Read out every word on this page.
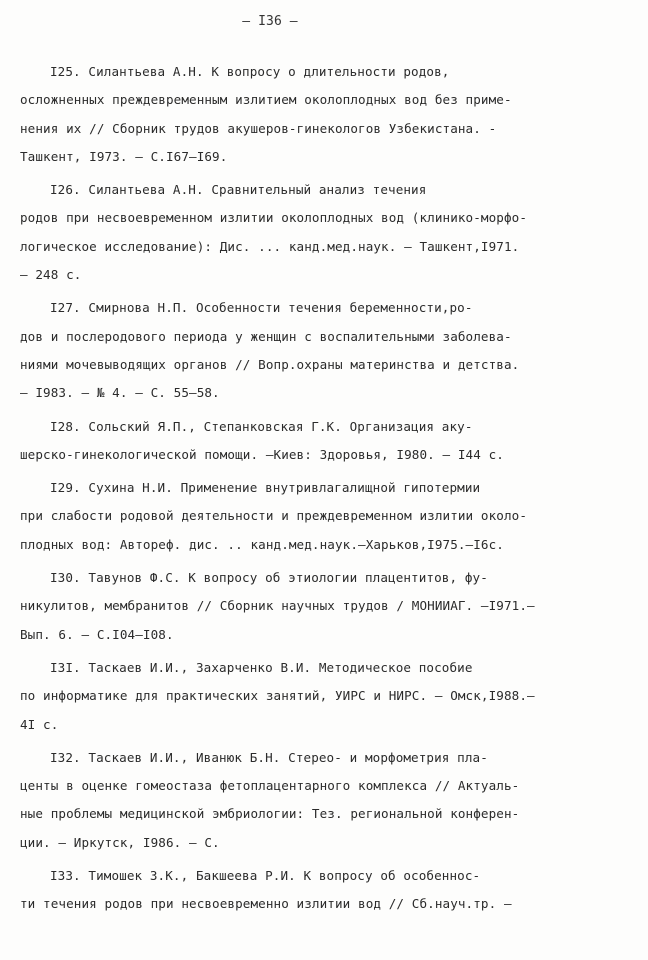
– I36 –
I25. Силантьева А.Н. К вопросу о длительности родов,
осложненных преждевременным излитием околоплодных вод без приме-
нения их // Сборник трудов акушеров-гинекологов Узбекистана. -
Ташкент, I973. – С.I67–I69.
I26. Силантьева А.Н. Сравнительный анализ течения
родов при несвоевременном излитии околоплодных вод (клинико-морфо-
логическое исследование): Дис. ... канд.мед.наук. – Ташкент,I971.
– 248 с.
I27. Смирнова Н.П. Особенности течения беременности,ро-
дов и послеродового периода у женщин с воспалительными заболева-
ниями мочевыводящих органов // Вопр.охраны материнства и детства.
– I983. – № 4. – С. 55–58.
I28. Сольский Я.П., Степанковская Г.К. Организация аку-
шерско-гинекологической помощи. –Киев: Здоровья, I980. – I44 с.
I29. Сухина Н.И. Применение внутривлагалищной гипотермии
при слабости родовой деятельности и преждевременном излитии около-
плодных вод: Автореф. дис. .. канд.мед.наук.–Харьков,I975.–I6с.
I30. Тавунов Ф.С. К вопросу об этиологии плацентитов, фу-
никулитов, мембранитов // Сборник научных трудов / МОНИИАГ. –I971.–
Вып. 6. – С.I04–I08.
I3I. Таскаев И.И., Захарченко В.И. Методическое пособие
по информатике для практических занятий, УИРС и НИРС. – Омск,I988.–
4I с.
I32. Таскаев И.И., Иванюк Б.Н. Стерео- и морфометрия пла-
центы в оценке гомеостаза фетоплацентарного комплекса // Актуаль-
ные проблемы медицинской эмбриологии: Тез. региональной конферен-
ции. – Иркутск, I986. – С.
I33. Тимошек З.К., Бакшеева Р.И. К вопросу об особеннос-
ти течения родов при несвоевременно излитии вод // Сб.науч.тр. –
